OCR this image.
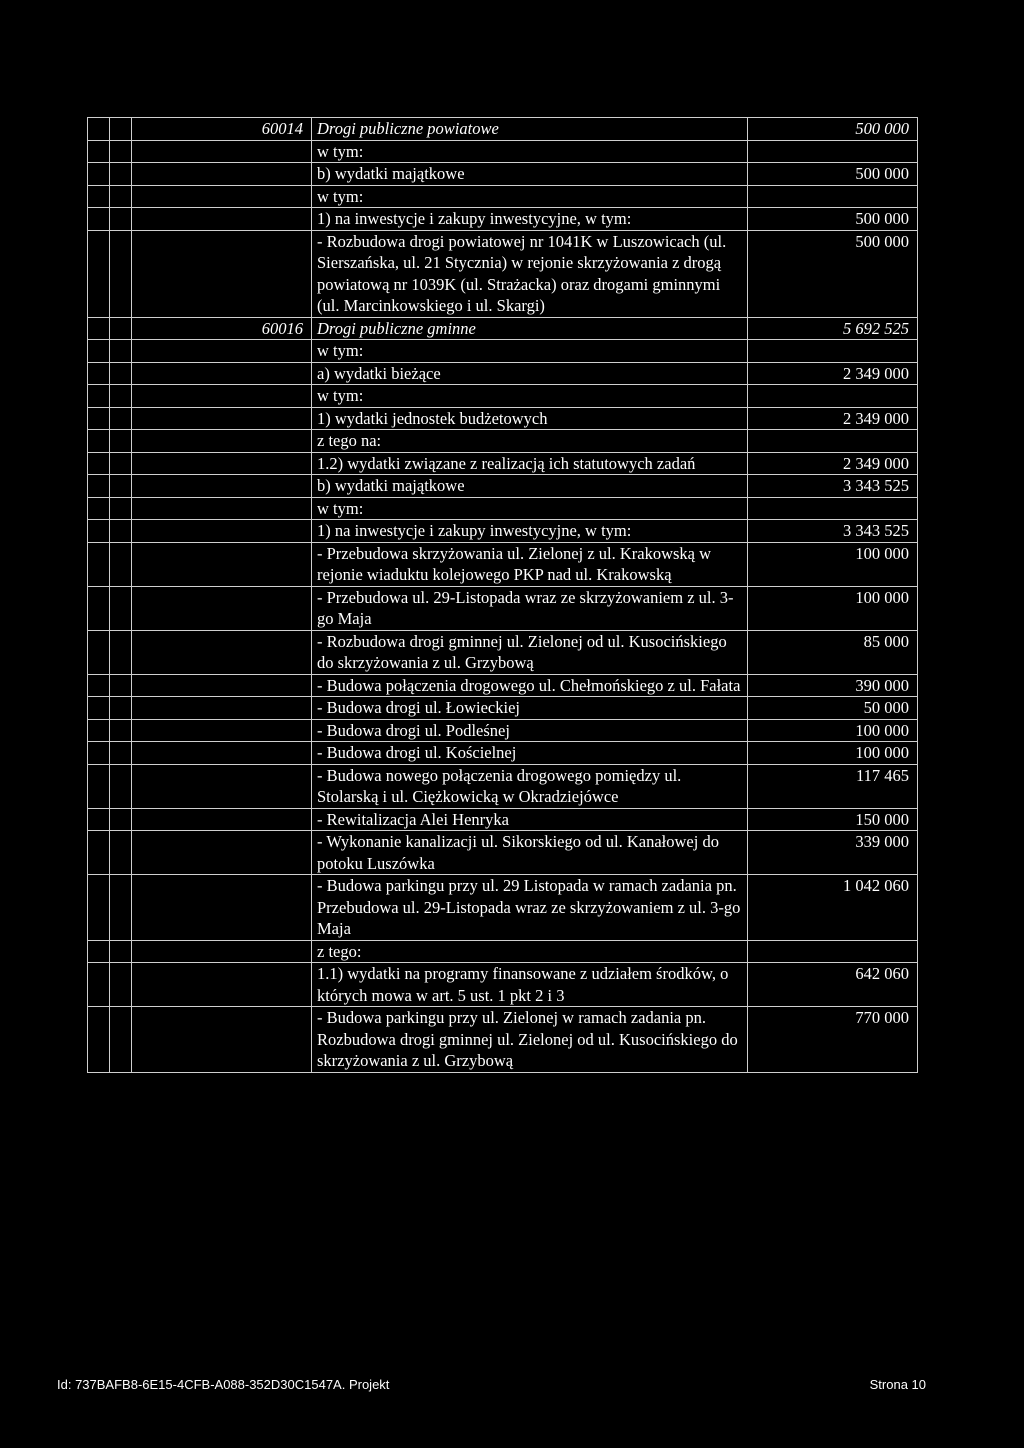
		60014	Drogi publiczne powiatowe	500 000
			w tym:	
			b) wydatki majątkowe	500 000
			w tym:	
			1) na inwestycje i zakupy inwestycyjne, w tym:	500 000
			- Rozbudowa drogi powiatowej nr 1041K w Luszowicach (ul. Sierszańska, ul. 21 Stycznia) w rejonie skrzyżowania z drogą powiatową nr 1039K (ul. Strażacka) oraz drogami gminnymi (ul. Marcinkowskiego i ul. Skargi)	500 000
		60016	Drogi publiczne gminne	5 692 525
			w tym:	
			a) wydatki bieżące	2 349 000
			w tym:	
			1) wydatki jednostek budżetowych	2 349 000
			z tego na:	
			1.2) wydatki związane z realizacją ich statutowych zadań	2 349 000
			b) wydatki majątkowe	3 343 525
			w tym:	
			1) na inwestycje i zakupy inwestycyjne, w tym:	3 343 525
			- Przebudowa skrzyżowania ul. Zielonej z ul. Krakowską w rejonie wiaduktu kolejowego PKP nad ul. Krakowską	100 000
			- Przebudowa ul. 29-Listopada wraz ze skrzyżowaniem z ul. 3-go Maja	100 000
			- Rozbudowa drogi gminnej ul. Zielonej od ul. Kusocińskiego do skrzyżowania z ul. Grzybową	85 000
			- Budowa połączenia drogowego ul. Chełmońskiego z ul. Fałata	390 000
			- Budowa drogi ul. Łowieckiej	50 000
			- Budowa drogi ul. Podleśnej	100 000
			- Budowa drogi ul. Kościelnej	100 000
			- Budowa nowego połączenia drogowego pomiędzy ul. Stolarską i ul. Ciężkowicką w Okradziejówce	117 465
			- Rewitalizacja Alei Henryka	150 000
			- Wykonanie kanalizacji ul. Sikorskiego od ul. Kanałowej do potoku Luszówka	339 000
			- Budowa parkingu przy ul. 29 Listopada w ramach zadania pn. Przebudowa ul. 29-Listopada wraz ze skrzyżowaniem z ul. 3-go Maja	1 042 060
			z tego:	
			1.1) wydatki na programy finansowane z udziałem środków, o których mowa w art. 5 ust. 1 pkt 2 i 3	642 060
			- Budowa parkingu przy ul. Zielonej w ramach zadania pn. Rozbudowa drogi gminnej ul. Zielonej od ul. Kusocińskiego do skrzyżowania z ul. Grzybową	770 000
Id: 737BAFB8-6E15-4CFB-A088-352D30C1547A. Projekt	Strona 10
